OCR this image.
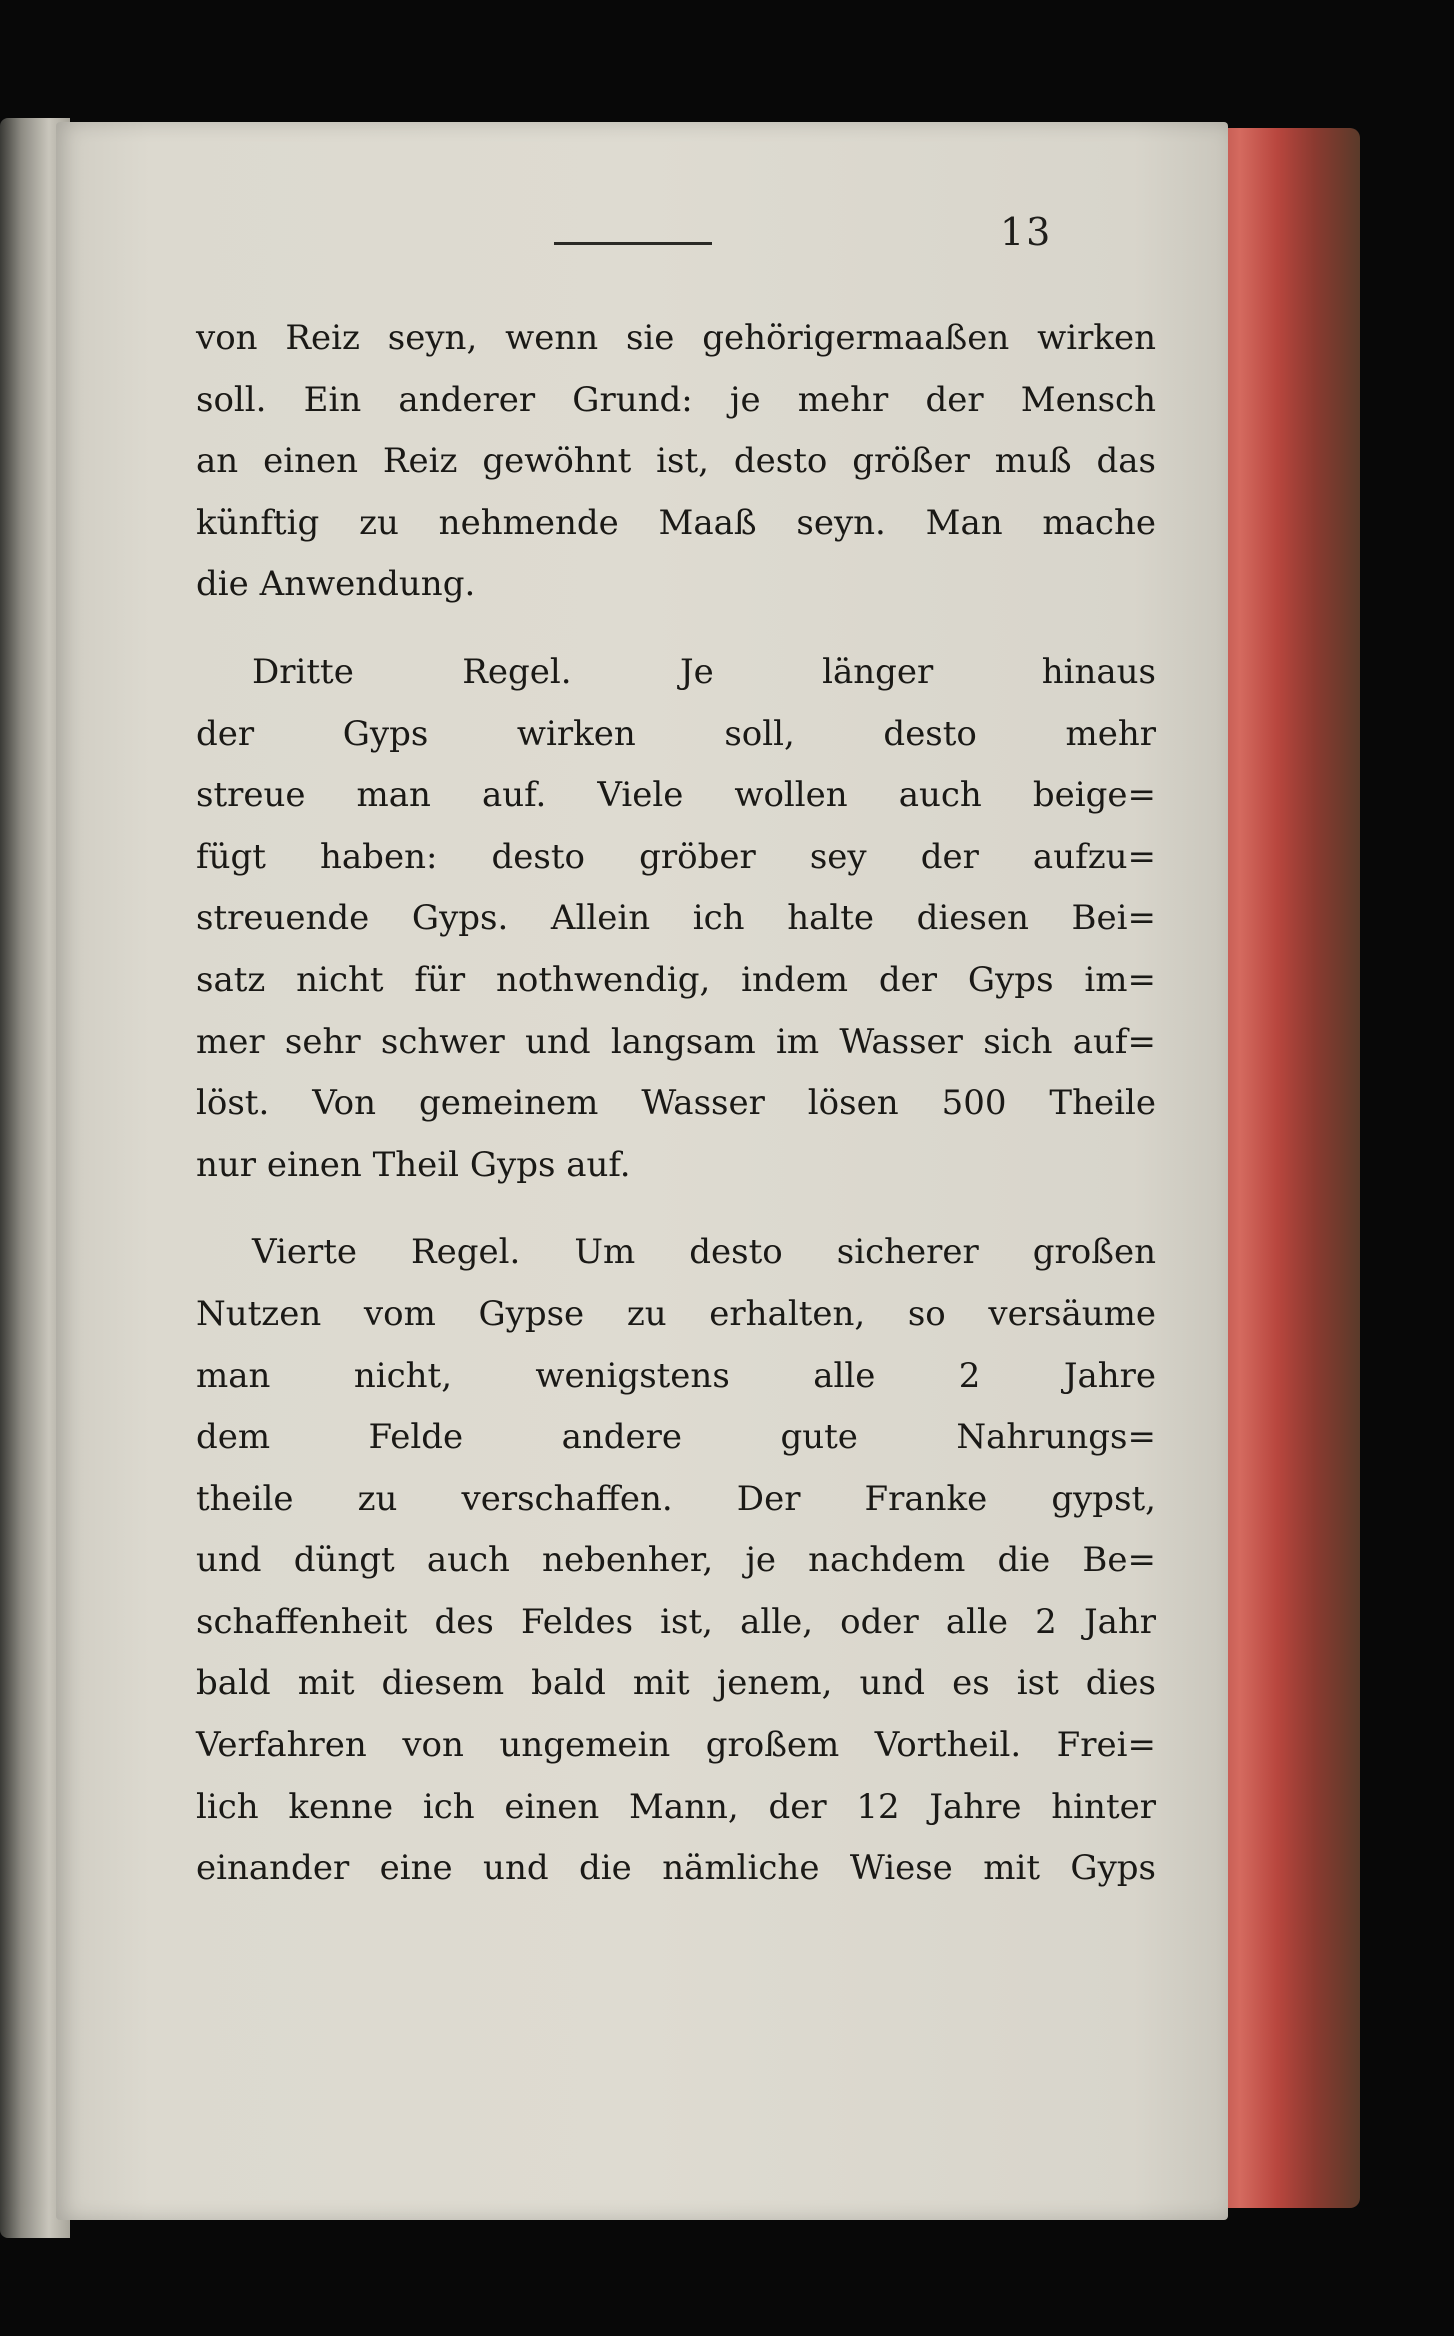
13
von Reiz seyn, wenn sie gehörigermaaßen wirken
soll. Ein anderer Grund: je mehr der Mensch
an einen Reiz gewöhnt ist, desto größer muß das
künftig zu nehmende Maaß seyn. Man mache
die Anwendung.
Dritte Regel. Je länger hinaus
der Gyps wirken soll, desto mehr
streue man auf. Viele wollen auch beige=
fügt haben: desto gröber sey der aufzu=
streuende Gyps. Allein ich halte diesen Bei=
satz nicht für nothwendig, indem der Gyps im=
mer sehr schwer und langsam im Wasser sich auf=
löst. Von gemeinem Wasser lösen 500 Theile
nur einen Theil Gyps auf.
Vierte Regel. Um desto sicherer großen
Nutzen vom Gypse zu erhalten, so versäume
man nicht, wenigstens alle 2 Jahre
dem Felde andere gute Nahrungs=
theile zu verschaffen. Der Franke gypst,
und düngt auch nebenher, je nachdem die Be=
schaffenheit des Feldes ist, alle, oder alle 2 Jahr
bald mit diesem bald mit jenem, und es ist dies
Verfahren von ungemein großem Vortheil. Frei=
lich kenne ich einen Mann, der 12 Jahre hinter
einander eine und die nämliche Wiese mit Gyps
